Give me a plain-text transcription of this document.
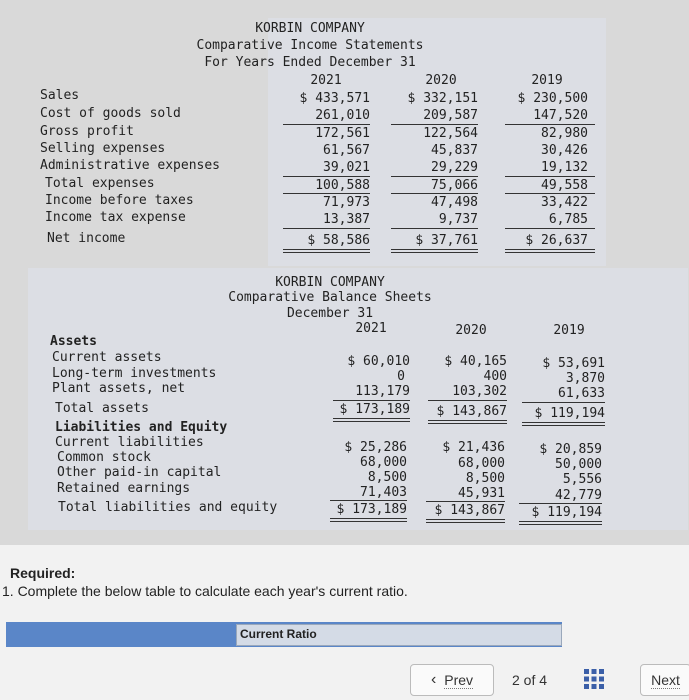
KORBIN COMPANY
Comparative Income Statements
For Years Ended December 31
2021	2020	2019
Sales	$ 433,571	$ 332,151	$ 230,500
Cost of goods sold	261,010	209,587	147,520
Gross profit	172,561	122,564	82,980
Selling expenses	61,567	45,837	30,426
Administrative expenses	39,021	29,229	19,132
Total expenses	100,588	75,066	49,558
Income before taxes	71,973	47,498	33,422
Income tax expense	13,387	9,737	6,785
Net income	$ 58,586	$ 37,761	$ 26,637
KORBIN COMPANY
Comparative Balance Sheets
December 31
2021	2020	2019
Assets
Current assets	$ 60,010	$ 40,165	$ 53,691
Long-term investments	0	400	3,870
Plant assets, net	113,179	103,302	61,633
Total assets	$ 173,189	$ 143,867	$ 119,194
Liabilities and Equity
Current liabilities	$ 25,286	$ 21,436	$ 20,859
Common stock	68,000	68,000	50,000
Other paid-in capital	8,500	8,500	5,556
Retained earnings	71,403	45,931	42,779
Total liabilities and equity	$ 173,189	$ 143,867	$ 119,194
Required:
1. Complete the below table to calculate each year's current ratio.
Current Ratio
‹ Prev	2 of 4	Next
